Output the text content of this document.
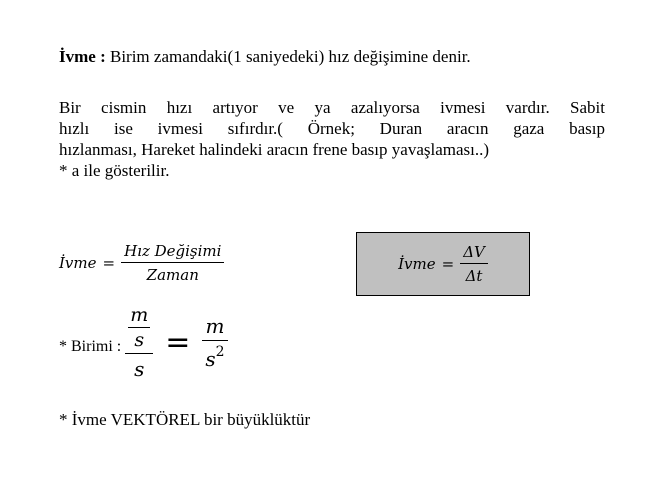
İvme : Birim zamandaki(1 saniyedeki) hız değişimine denir.
Bir cismin hızı artıyor ve ya azalıyorsa ivmesi vardır. Sabit
hızlı ise ivmesi sıfırdır.( Örnek; Duran aracın gaza basıp
hızlanması, Hareket halindeki aracın frene basıp yavaşlaması..)
* a ile gösterilir.
İvme = $\frac{\text{Hız Değişimi}}{\text{Zaman}}$	İvme = $\frac{\Delta V}{\Delta t}$
* Birimi : $\frac{\frac{m}{s}}{s} = \frac{m}{s^2}$
* İvme VEKTÖREL bir büyüklüktür
